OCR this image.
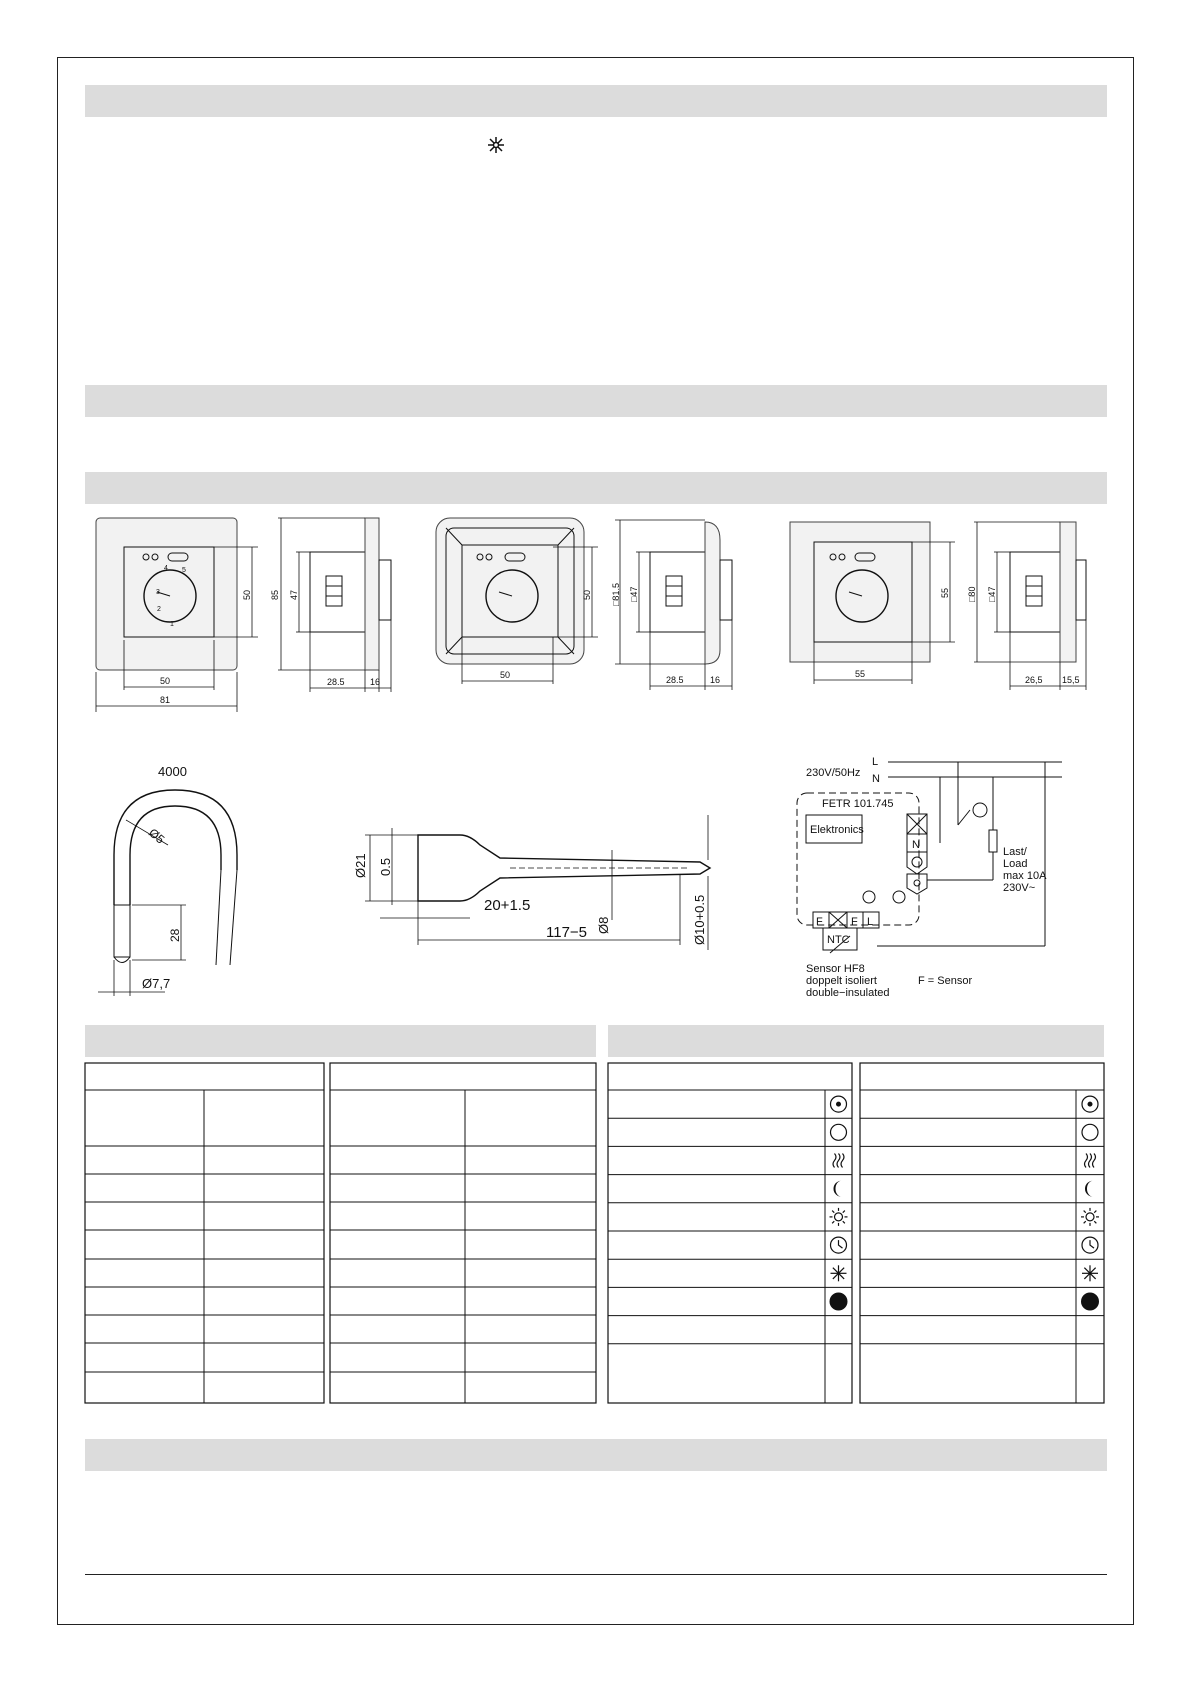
5
4
3
2
1
50
81
50 85 47
28.5	16
50
50 □81.5 □47
28.5	16
55
55 □80 □47
26,5 15,5
4000
Ø5
28
Ø7,7
Ø21 0.5
20+1.5
Ø8
117−5	Ø10+0.5
L
N
230V/50Hz
FETR 101.745
Elektronics
N
Last/
Load
max 10A
230V~
F	F L
NTC
Sensor HF8
doppelt isoliert
double−insulated
F = Sensor
